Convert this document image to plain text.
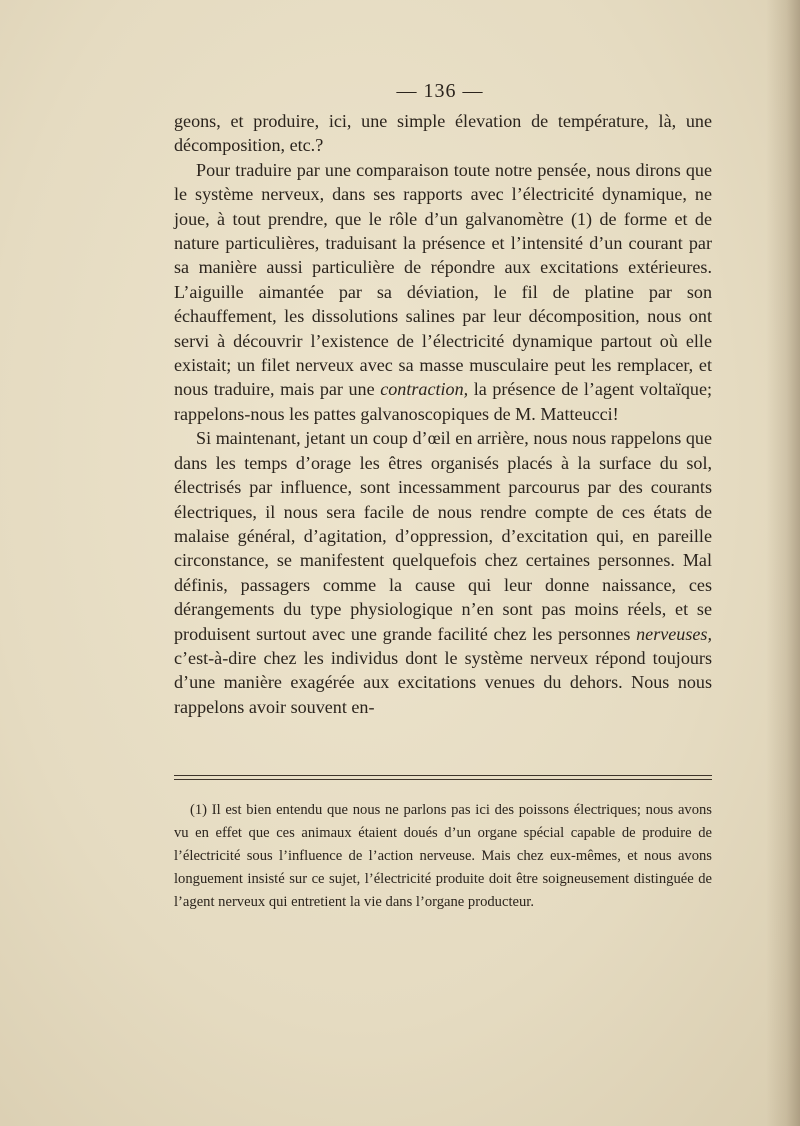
— 136 —

geons, et produire, ici, une simple élevation de température, là, une décomposition, etc.?

Pour traduire par une comparaison toute notre pensée, nous dirons que le système nerveux, dans ses rapports avec l’électricité dynamique, ne joue, à tout prendre, que le rôle d’un galvanomètre (1) de forme et de nature particulières, traduisant la présence et l’intensité d’un courant par sa manière aussi particulière de répondre aux excitations extérieures. L’aiguille aimantée par sa déviation, le fil de platine par son échauffement, les dissolutions salines par leur décomposition, nous ont servi à découvrir l’existence de l’électricité dynamique partout où elle existait; un filet nerveux avec sa masse musculaire peut les remplacer, et nous traduire, mais par une contraction, la présence de l’agent voltaïque; rappelons-nous les pattes galvanoscopiques de M. Matteucci!

Si maintenant, jetant un coup d’œil en arrière, nous nous rappelons que dans les temps d’orage les êtres organisés placés à la surface du sol, électrisés par influence, sont incessamment parcourus par des courants électriques, il nous sera facile de nous rendre compte de ces états de malaise général, d’agitation, d’oppression, d’excitation qui, en pareille circonstance, se manifestent quelquefois chez certaines personnes. Mal définis, passagers comme la cause qui leur donne naissance, ces dérangements du type physiologique n’en sont pas moins réels, et se produisent surtout avec une grande facilité chez les personnes nerveuses, c’est-à-dire chez les individus dont le système nerveux répond toujours d’une manière exagérée aux excitations venues du dehors. Nous nous rappelons avoir souvent en-

(1) Il est bien entendu que nous ne parlons pas ici des poissons électriques; nous avons vu en effet que ces animaux étaient doués d’un organe spécial capable de produire de l’électricité sous l’influence de l’action nerveuse. Mais chez eux-mêmes, et nous avons longuement insisté sur ce sujet, l’électricité produite doit être soigneusement distinguée de l’agent nerveux qui entretient la vie dans l’organe producteur.
